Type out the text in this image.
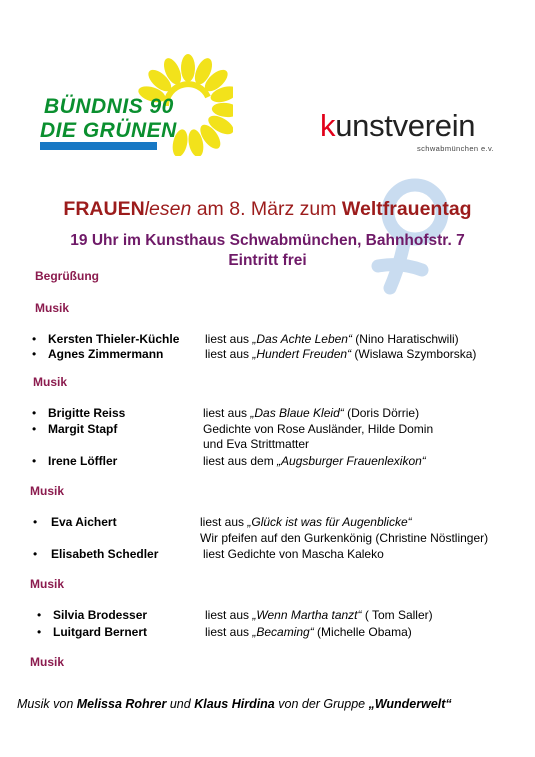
BÜNDNIS 90
DIE GRÜNEN	kunstverein
schwabmünchen e.v.
FRAUENlesen am 8. März zum Weltfrauentag
19 Uhr im Kunsthaus Schwabmünchen, Bahnhofstr. 7
Eintritt frei
Begrüßung
Musik
• Kersten Thieler-Küchle liest aus „Das Achte Leben“ (Nino Haratischwili)
• Agnes Zimmermann	liest aus „Hundert Freuden“ (Wislawa Szymborska)
Musik
• Brigitte Reiss	liest aus „Das Blaue Kleid“ (Doris Dörrie)
• Margit Stapf	Gedichte von Rose Ausländer, Hilde Domin
und Eva Strittmatter
• Irene Löffler	liest aus dem „Augsburger Frauenlexikon“
Musik
• Eva Aichert	liest aus „Glück ist was für Augenblicke“
Wir pfeifen auf den Gurkenkönig (Christine Nöstlinger)
• Elisabeth Schedler	liest Gedichte von Mascha Kaleko
Musik
• Silvia Brodesser	liest aus „Wenn Martha tanzt“ ( Tom Saller)
• Luitgard Bernert	liest aus „Becaming“ (Michelle Obama)
Musik
Musik von Melissa Rohrer und Klaus Hirdina von der Gruppe „Wunderwelt“
